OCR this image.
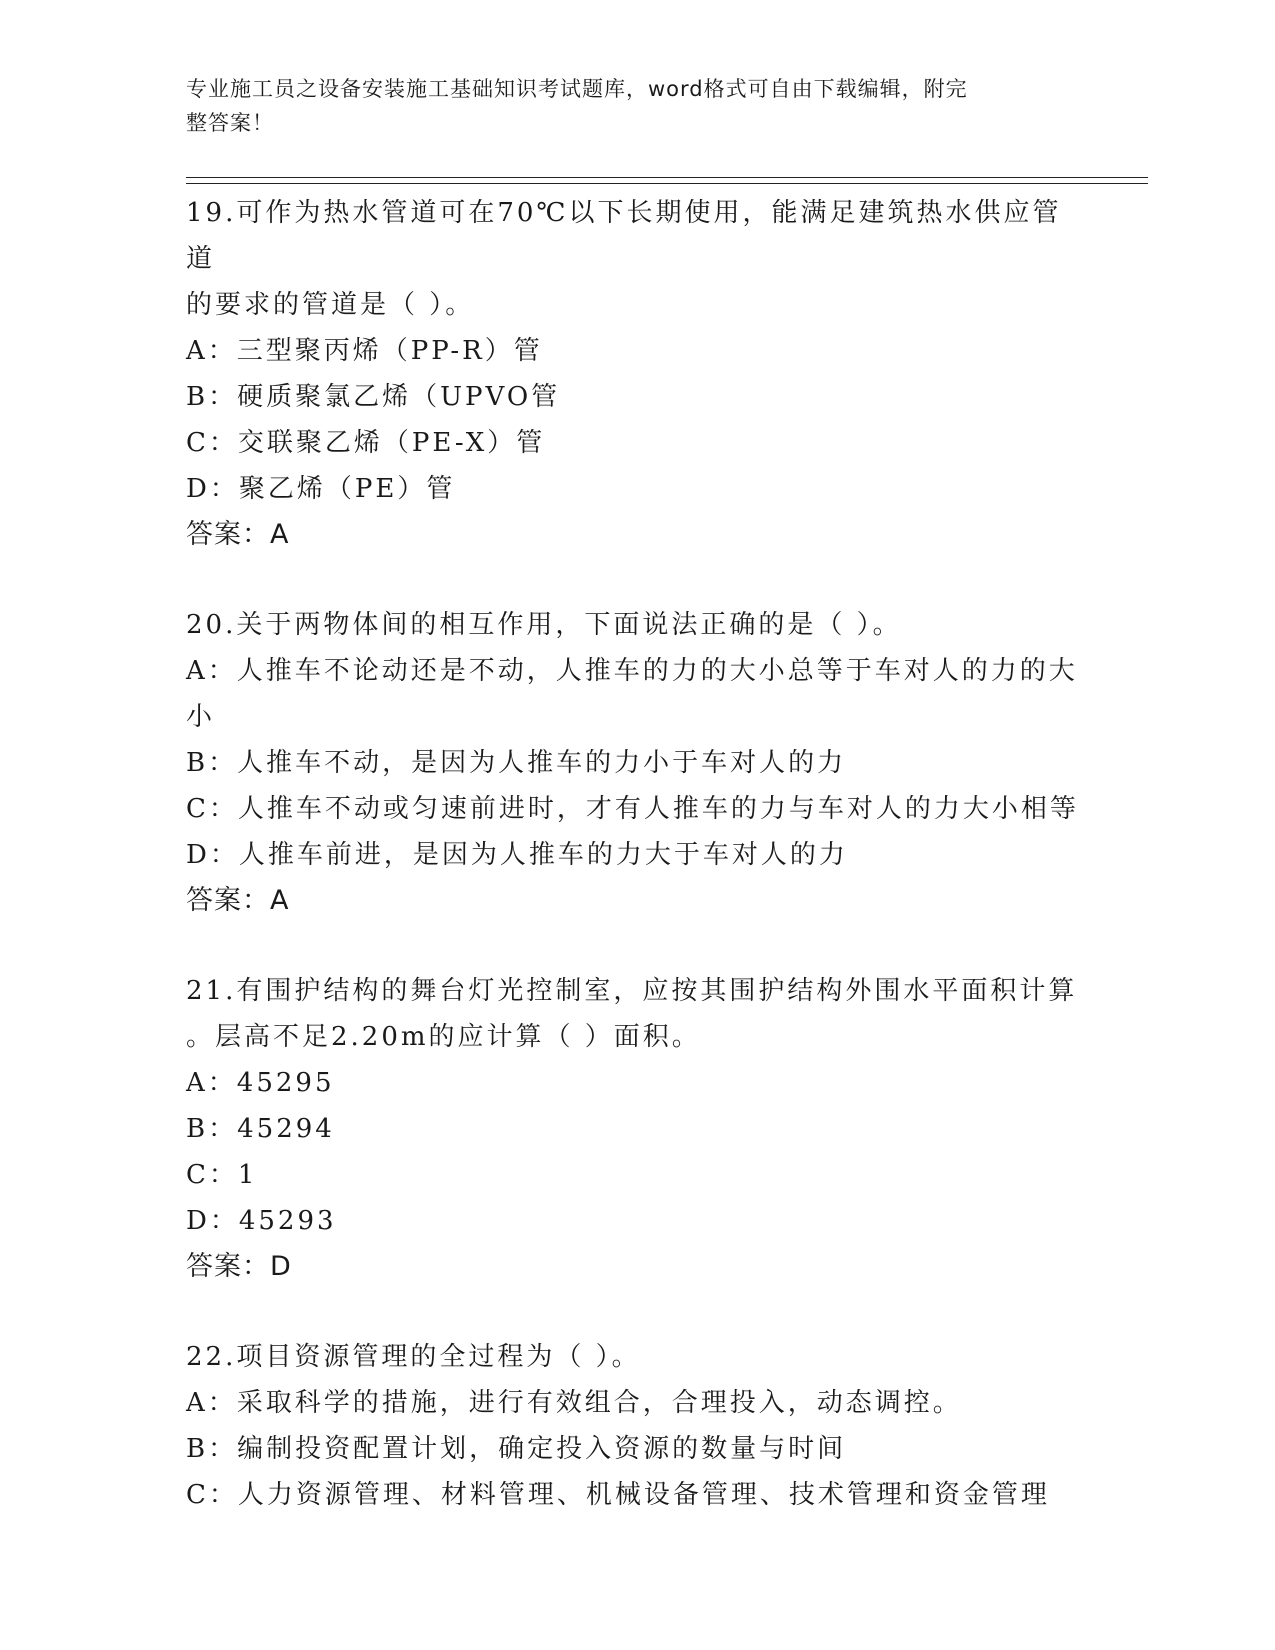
专业施工员之设备安装施工基础知识考试题库，word格式可自由下载编辑，附完
整答案！

19.可作为热水管道可在70℃以下长期使用，能满足建筑热水供应管道

的要求的管道是（ ）。

A：三型聚丙烯（PP-R）管

B：硬质聚氯乙烯（UPVO管

C：交联聚乙烯（PE-X）管

D：聚乙烯（PE）管

答案：A

20.关于两物体间的相互作用，下面说法正确的是（ ）。

A：人推车不论动还是不动，人推车的力的大小总等于车对人的力的大

小

B：人推车不动，是因为人推车的力小于车对人的力

C：人推车不动或匀速前进时，才有人推车的力与车对人的力大小相等

D：人推车前进，是因为人推车的力大于车对人的力

答案：A

21.有围护结构的舞台灯光控制室，应按其围护结构外围水平面积计算

。层高不足2.20m的应计算（ ）面积。

A：45295

B：45294

C：1

D：45293

答案：D

22.项目资源管理的全过程为（ ）。

A：采取科学的措施，进行有效组合，合理投入，动态调控。

B：编制投资配置计划，确定投入资源的数量与时间

C：人力资源管理、材料管理、机械设备管理、技术管理和资金管理
